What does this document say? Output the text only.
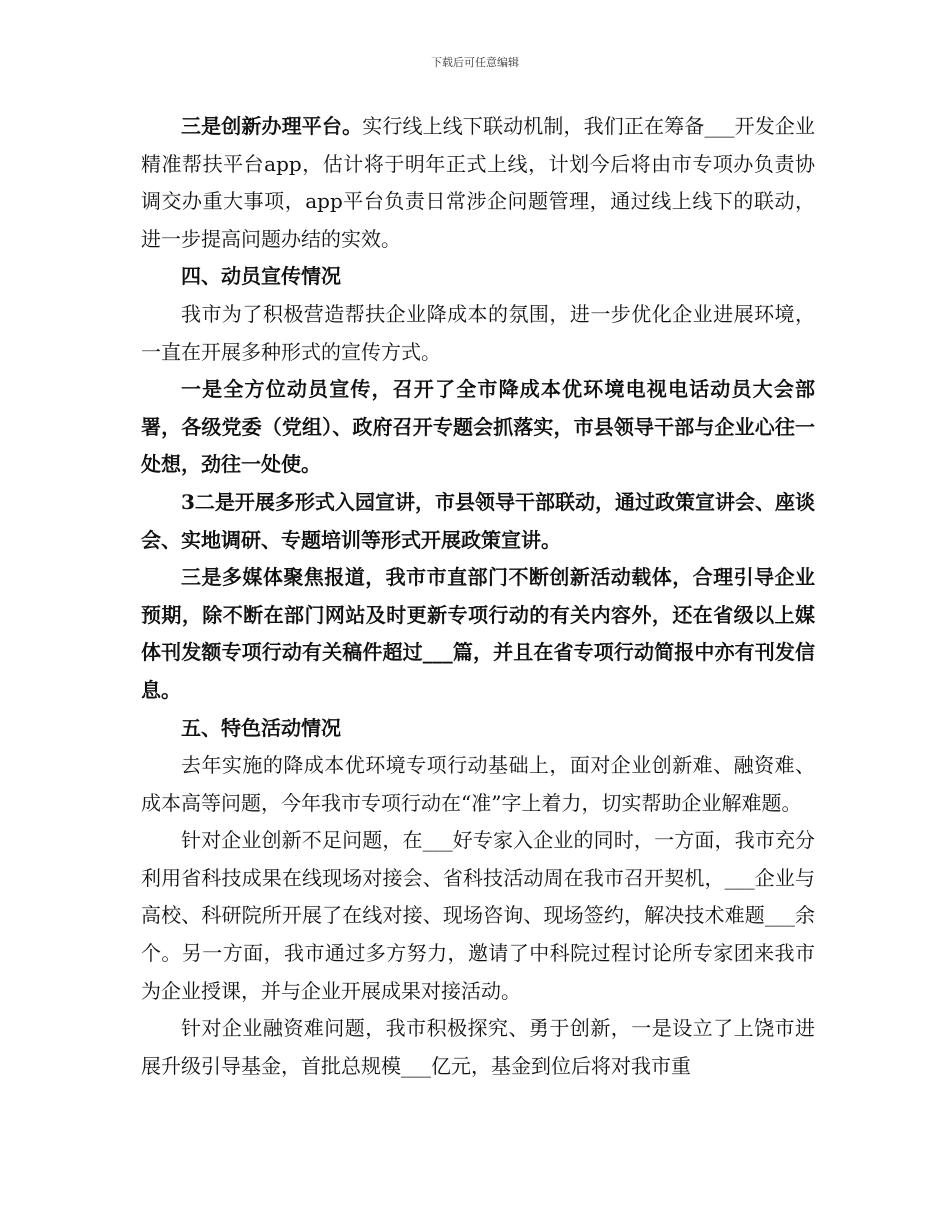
下载后可任意编辑

三是创新办理平台。实行线上线下联动机制，我们正在筹备___开发企业精准帮扶平台app，估计将于明年正式上线，计划今后将由市专项办负责协调交办重大事项，app平台负责日常涉企问题管理，通过线上线下的联动，进一步提高问题办结的实效。

四、动员宣传情况

我市为了积极营造帮扶企业降成本的氛围，进一步优化企业进展环境，一直在开展多种形式的宣传方式。

一是全方位动员宣传，召开了全市降成本优环境电视电话动员大会部署，各级党委（党组）、政府召开专题会抓落实，市县领导干部与企业心往一处想，劲往一处使。

3二是开展多形式入园宣讲，市县领导干部联动，通过政策宣讲会、座谈会、实地调研、专题培训等形式开展政策宣讲。

三是多媒体聚焦报道，我市市直部门不断创新活动载体，合理引导企业预期，除不断在部门网站及时更新专项行动的有关内容外，还在省级以上媒体刊发额专项行动有关稿件超过___篇，并且在省专项行动简报中亦有刊发信息。

五、特色活动情况

去年实施的降成本优环境专项行动基础上，面对企业创新难、融资难、成本高等问题，今年我市专项行动在“准”字上着力，切实帮助企业解难题。

针对企业创新不足问题，在___好专家入企业的同时，一方面，我市充分利用省科技成果在线现场对接会、省科技活动周在我市召开契机，___企业与高校、科研院所开展了在线对接、现场咨询、现场签约，解决技术难题___余个。另一方面，我市通过多方努力，邀请了中科院过程讨论所专家团来我市为企业授课，并与企业开展成果对接活动。

针对企业融资难问题，我市积极探究、勇于创新，一是设立了上饶市进展升级引导基金，首批总规模___亿元，基金到位后将对我市重
